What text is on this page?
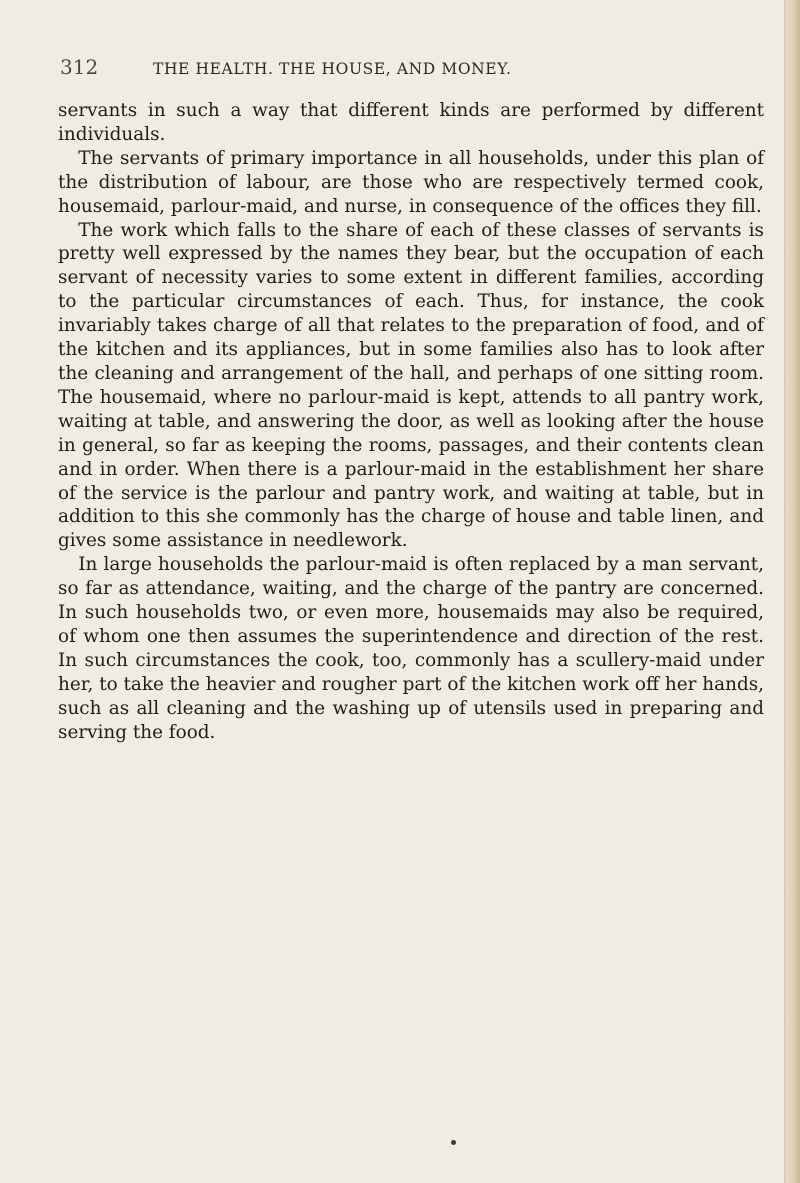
312	THE HEALTH. THE HOUSE, AND MONEY.

servants in such a way that different kinds are performed by different individuals.

The servants of primary importance in all households, under this plan of the distribution of labour, are those who are respectively termed cook, housemaid, parlour-maid, and nurse, in consequence of the offices they fill.

The work which falls to the share of each of these classes of servants is pretty well expressed by the names they bear, but the occupation of each servant of necessity varies to some extent in different families, according to the particular circumstances of each. Thus, for instance, the cook invariably takes charge of all that relates to the preparation of food, and of the kitchen and its appliances, but in some families also has to look after the cleaning and arrangement of the hall, and perhaps of one sitting room. The housemaid, where no parlour-maid is kept, attends to all pantry work, waiting at table, and answering the door, as well as looking after the house in general, so far as keeping the rooms, passages, and their contents clean and in order. When there is a parlour-maid in the establishment her share of the service is the parlour and pantry work, and waiting at table, but in addition to this she commonly has the charge of house and table linen, and gives some assistance in needlework.

In large households the parlour-maid is often replaced by a man servant, so far as attendance, waiting, and the charge of the pantry are concerned. In such households two, or even more, housemaids may also be required, of whom one then assumes the superintendence and direction of the rest. In such circumstances the cook, too, commonly has a scullery-maid under her, to take the heavier and rougher part of the kitchen work off her hands, such as all cleaning and the washing up of utensils used in preparing and serving the food.
